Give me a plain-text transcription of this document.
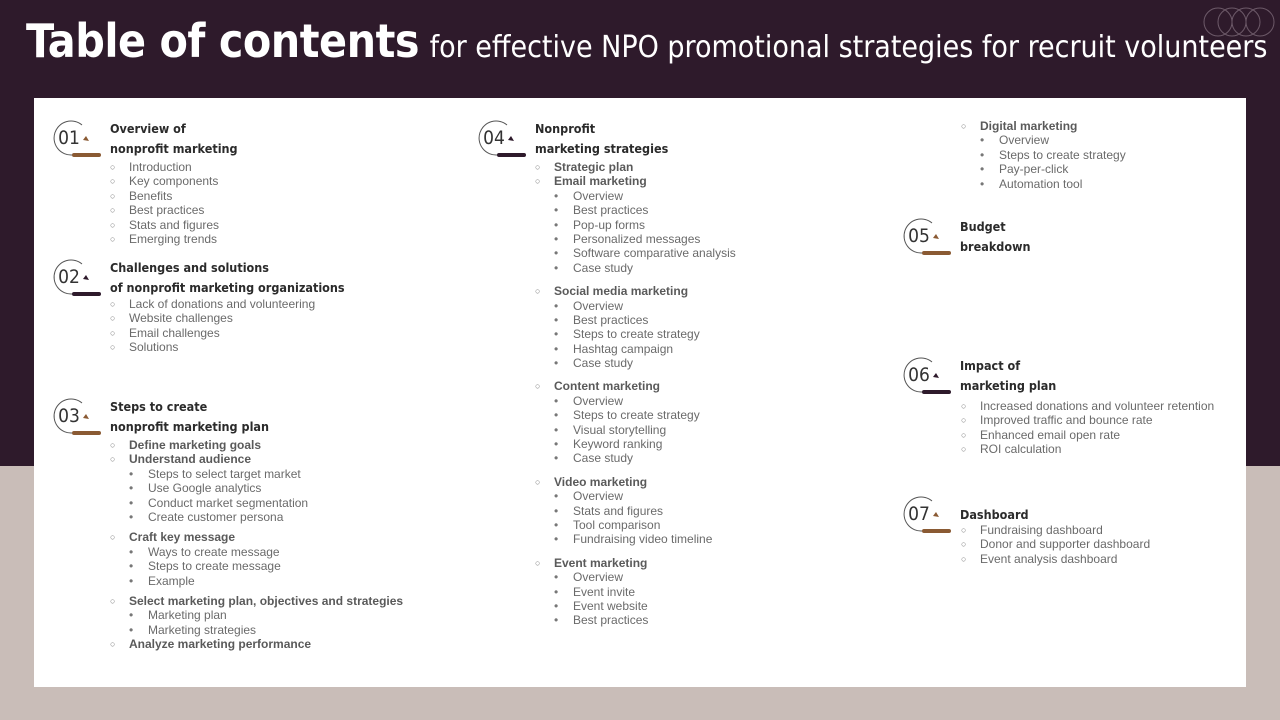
Table of contents for effective NPO promotional strategies for recruit volunteers
01	Overview of
nonprofit marketing
○ Introduction
○ Key components
○ Benefits
○ Best practices
○ Stats and figures
○ Emerging trends
02	Challenges and solutions
of nonprofit marketing organizations
○ Lack of donations and volunteering
○ Website challenges
○ Email challenges
○ Solutions
03	Steps to create
nonprofit marketing plan
○ Define marketing goals
○ Understand audience
• Steps to select target market
• Use Google analytics
• Conduct market segmentation
• Create customer persona
○ Craft key message
• Ways to create message
• Steps to create message
• Example
○ Select marketing plan, objectives and strategies
• Marketing plan
• Marketing strategies
○ Analyze marketing performance
04	Nonprofit
marketing strategies
○ Strategic plan
○ Email marketing
• Overview
• Best practices
• Pop-up forms
• Personalized messages
• Software comparative analysis
• Case study
○ Social media marketing
• Overview
• Best practices
• Steps to create strategy
• Hashtag campaign
• Case study
○ Content marketing
• Overview
• Steps to create strategy
• Visual storytelling
• Keyword ranking
• Case study
○ Video marketing
• Overview
• Stats and figures
• Tool comparison
• Fundraising video timeline
○ Event marketing
• Overview
• Event invite
• Event website
• Best practices
○ Digital marketing
• Overview
• Steps to create strategy
• Pay-per-click
• Automation tool
05	Budget
breakdown
06	Impact of
marketing plan
○ Increased donations and volunteer retention
○ Improved traffic and bounce rate
○ Enhanced email open rate
○ ROI calculation
07	Dashboard
○ Fundraising dashboard
○ Donor and supporter dashboard
○ Event analysis dashboard
